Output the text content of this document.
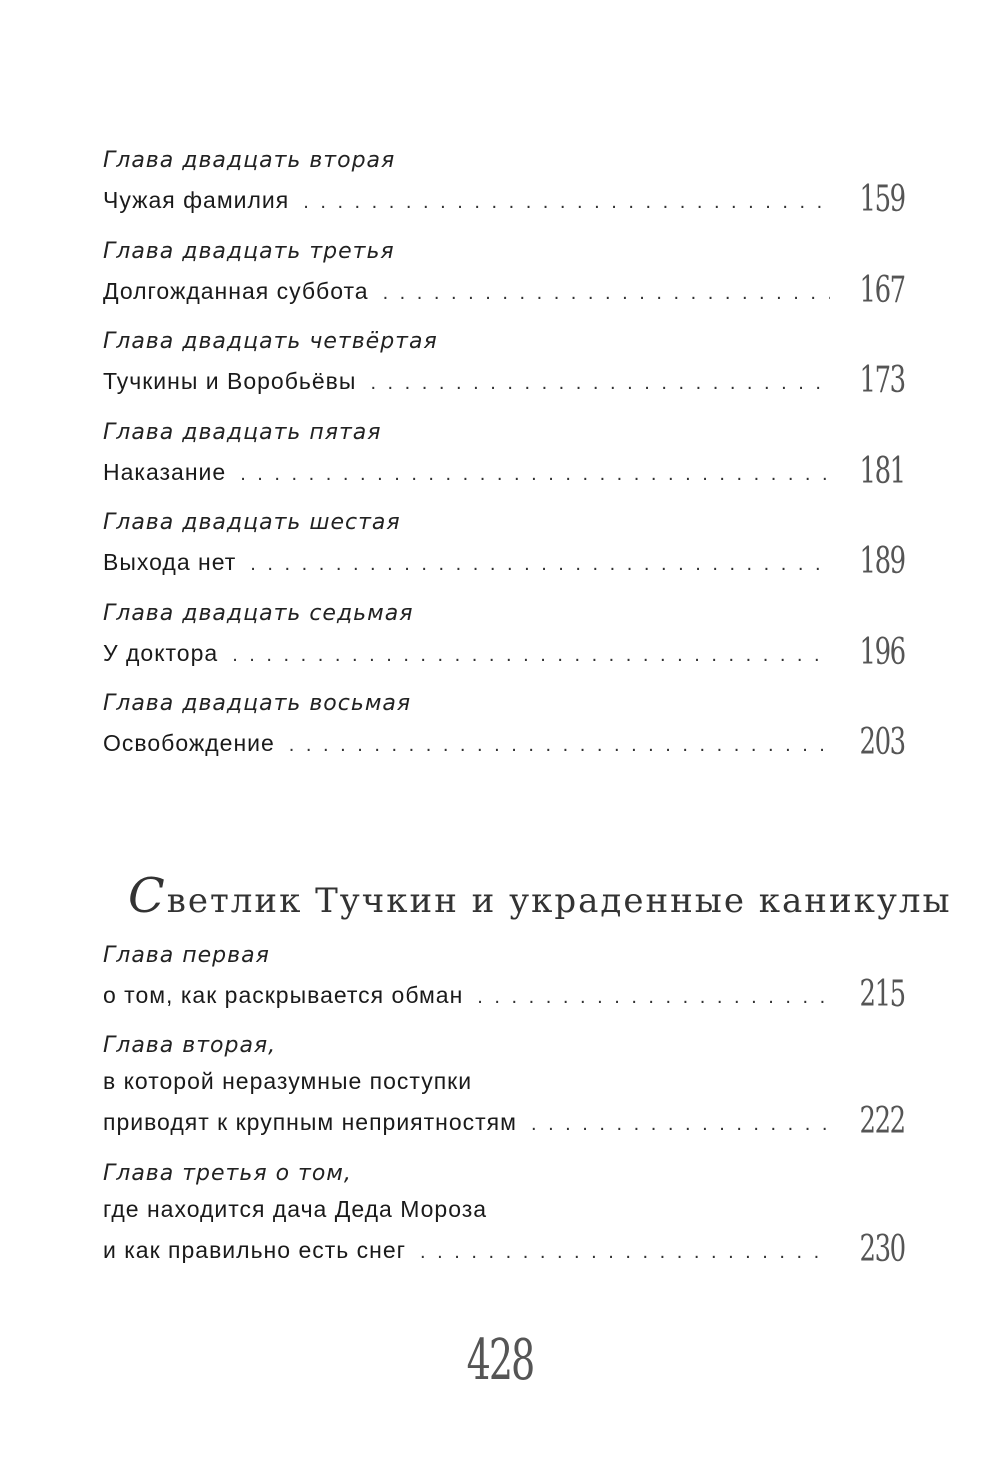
Глава двадцать вторая
Чужая фамилия . . .	159
Глава двадцать третья
Долгожданная суббота . . .	167
Глава двадцать четвёртая
Тучкины и Воробьёвы . . .	173
Глава двадцать пятая
Наказание . . .	181
Глава двадцать шестая
Выхода нет . . .	189
Глава двадцать седьмая
У доктора . . .	196
Глава двадцать восьмая
Освобождение . . .	203
Светлик Тучкин и украденные каникулы
Глава первая
о том, как раскрывается обман . . .	215
Глава вторая,
в которой неразумные поступки
приводят к крупным неприятностям . . .	222
Глава третья о том,
где находится дача Деда Мороза
и как правильно есть снег . . .	230
428
